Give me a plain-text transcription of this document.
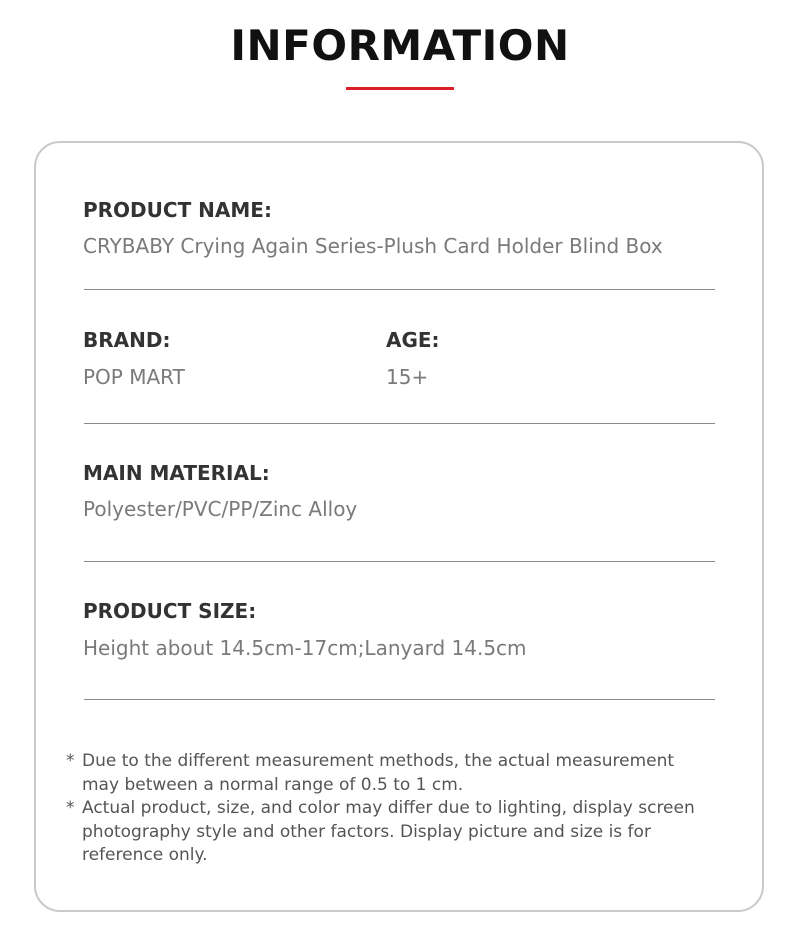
INFORMATION
PRODUCT NAME:
CRYBABY Crying Again Series-Plush Card Holder Blind Box
BRAND:
POP MART
AGE:
15+
MAIN MATERIAL:
Polyester/PVC/PP/Zinc Alloy
PRODUCT SIZE:
Height about 14.5cm-17cm;Lanyard 14.5cm
* Due to the different measurement methods, the actual measurement may between a normal range of 0.5 to 1 cm.
* Actual product, size, and color may differ due to lighting, display screen photography style and other factors. Display picture and size is for reference only.
